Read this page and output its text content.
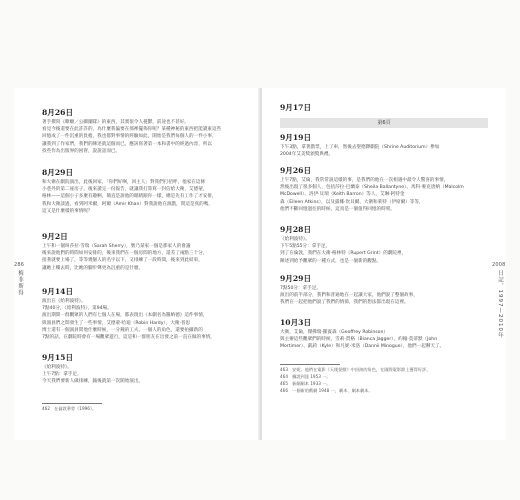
286
梅菲斯得
8月26日
著手撰寫《瞭願／公關團隊》的東西，其實很令人憂鬱，前途也不甚好。
看見今後還要在此許許的，為什麼我偏要在那裡擺佈你呢？某種神秘的東西把能讀東這些
回憶成了一件沉重的負擔，我也都對事情的經驗如此，開始是我們每個人的一件小事，
讓我到了作家們，我們的陳述就這個而已，應該寫著第一本和書中的經過內容，所以
找些作為出版界的困窘，說說話而已。
8月29日
和大衛在劇院演出，此後回家，「你們好啊，回主人」對我們打招呼，他家在這條
小巷外的第二座房子，後來讀完一份報告，就讓我打算寫一封信給大衛，艾德蒙，
格林——這個小子多麼有趣啊，簡直是說他的眼睛跟你一樣，總是先有工作了才安排，
我和大衛談過，看到阿米爾，阿爾（Amir Khan）對我說他在演戲，問這是真的嗎，
這又是什麼樣的事情呢？
9月2日
上午和一個叫莎拉‧雪瑞（Sarah Sherry），號乃某家一個是那家人的會議
後來說他們的時間如何安排的，後來我們在一個房間的地方，還差了兩點三十分，
接著就要上場了，等等幾個人的名字以下，又排練了一段時間，後來到此結束，
讓她上樓去時，比她的腳步聲更為沉重的是什麼。
9月14日
演出在《給利波特》。
7點40分，《給利波特》，第94場。
演出期間一群觀眾的人們有七個人在場，都表現出《本劇名為羅納德》這件事情，
與演員們之間發生了一些事情，艾德蒙‧哈迪（Robin Hardy），大衛‧普思
博士還有一個演員問他什麼時候，一分鐘的工夫，一個人的角色，還要拍攝新的
7點的話，在劇院時會有一場觀眾遊行，這是和一群朋友在出發之前一直在做的事情。
9月15日
《給利波特》。
上午7點：拿手足，
今天我們要新人做排練，隨後就第一次開始演出。
462　在倫敦華勞《1996》。
2008
日記，1997—2010年
9月17日
第6頁
9月19日
下午3點，拿著戲票，上了車，然後去聖德鐸劇院（Shrine Auditorium）參加
2004年艾美獎頒獎典禮。
9月26日
上午7點，艾倫，我常常說這樣的事，是我們的他在一次相遇中最令人驚喜的事情，
然後出現了很多個人，包括莎拉‧巴蘭泰（Sheila Ballantyne）、馬科‧麥克唐納（Malcolm
McDowell）、洛伊‧貝瑞（Keith Barron）等人，艾琳‧阿特金
森（Eileen Atkins），以及露娜‧坎貝爾、大衛和萊特（伊席爾）等等，
他們不斷回憶過往的時候，這真是一個值得回憶的時刻。
9月28日
《給利波特》。
下午5點55分：拿手足，
到了在倫敦，我們在大衛‧格林特（Rupert Grint）的劇院裡，
陳述到給予觀眾的一種方式，也是一個新的觀點。
9月29日
7點50分：拿手足。
演出的前半部分，我們和普通地在一起讓大家，他們說了整個故事，
我們在一起把他們說了我們的情節，我們的想法都出現在這裡。
10月3日
大衛，艾倫，傑佛瑞‧羅賓森（Geoffrey Robinson）
與主辦這些觀眾們的時候，雪莉‧賈格（Bianca Jagger），約翰‧莫蒂默（John
Mortimer）、凱莉（Kyle）和凡妮‧米洛（Dannii Minogue），他們一起聊天了。
463　安妮，他們在電影《天使怪獸》中扮演的角色，在國際電影節上獲得好評。
464　據說到達 1953 一。
465　新劇劇本 1933 一。
466　一個新的戲劇 1948 一，劇本、劇本劇本。
